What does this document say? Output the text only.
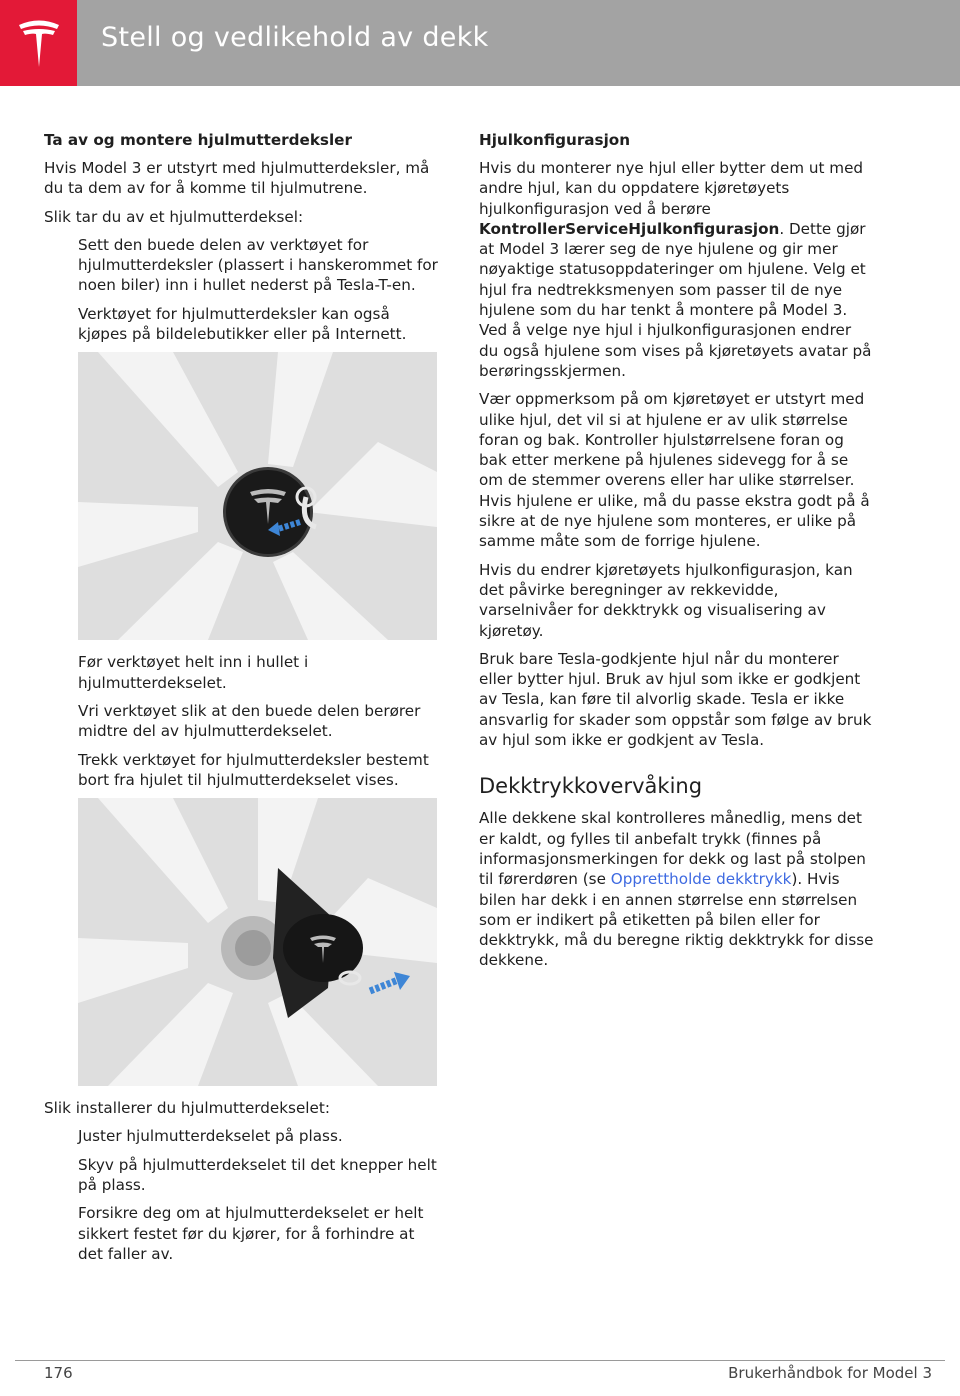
Stell og vedlikehold av dekk
Ta av og montere hjulmutterdeksler

Hvis Model 3 er utstyrt med hjulmutterdeksler, må du ta dem av for å komme til hjulmutrene.

Slik tar du av et hjulmutterdeksel:

Sett den buede delen av verktøyet for hjulmutterdeksler (plassert i hanskerommet for noen biler) inn i hullet nederst på Tesla-T-en.

Verktøyet for hjulmutterdeksler kan også kjøpes på bildelebutikker eller på Internett.

Før verktøyet helt inn i hullet i hjulmutterdekselet.

Vri verktøyet slik at den buede delen berører midtre del av hjulmutterdekselet.

Trekk verktøyet for hjulmutterdeksler bestemt bort fra hjulet til hjulmutterdekselet vises.

Slik installerer du hjulmutterdekselet:

Juster hjulmutterdekselet på plass.

Skyv på hjulmutterdekselet til det knepper helt på plass.

Forsikre deg om at hjulmutterdekselet er helt sikkert festet før du kjører, for å forhindre at det faller av.

Hjulkonfigurasjon

Hvis du monterer nye hjul eller bytter dem ut med andre hjul, kan du oppdatere kjøretøyets hjulkonfigurasjon ved å berøre KontrollerServiceHjulkonfigurasjon. Dette gjør at Model 3 lærer seg de nye hjulene og gir mer nøyaktige statusoppdateringer om hjulene. Velg et hjul fra nedtrekksmenyen som passer til de nye hjulene som du har tenkt å montere på Model 3. Ved å velge nye hjul i hjulkonfigurasjonen endrer du også hjulene som vises på kjøretøyets avatar på berøringsskjermen.

Vær oppmerksom på om kjøretøyet er utstyrt med ulike hjul, det vil si at hjulene er av ulik størrelse foran og bak. Kontroller hjulstørrelsene foran og bak etter merkene på hjulenes sidevegg for å se om de stemmer overens eller har ulike størrelser. Hvis hjulene er ulike, må du passe ekstra godt på å sikre at de nye hjulene som monteres, er ulike på samme måte som de forrige hjulene.

Hvis du endrer kjøretøyets hjulkonfigurasjon, kan det påvirke beregninger av rekkevidde, varselnivåer for dekktrykk og visualisering av kjøretøy.

Bruk bare Tesla-godkjente hjul når du monterer eller bytter hjul. Bruk av hjul som ikke er godkjent av Tesla, kan føre til alvorlig skade. Tesla er ikke ansvarlig for skader som oppstår som følge av bruk av hjul som ikke er godkjent av Tesla.

Dekktrykkovervåking

Alle dekkene skal kontrolleres månedlig, mens det er kaldt, og fylles til anbefalt trykk (finnes på informasjonsmerkingen for dekk og last på stolpen til førerdøren (se Opprettholde dekktrykk). Hvis bilen har dekk i en annen størrelse enn størrelsen som er indikert på etiketten på bilen eller for dekktrykk, må du beregne riktig dekktrykk for disse dekkene.

176	Brukerhåndbok for Model 3
